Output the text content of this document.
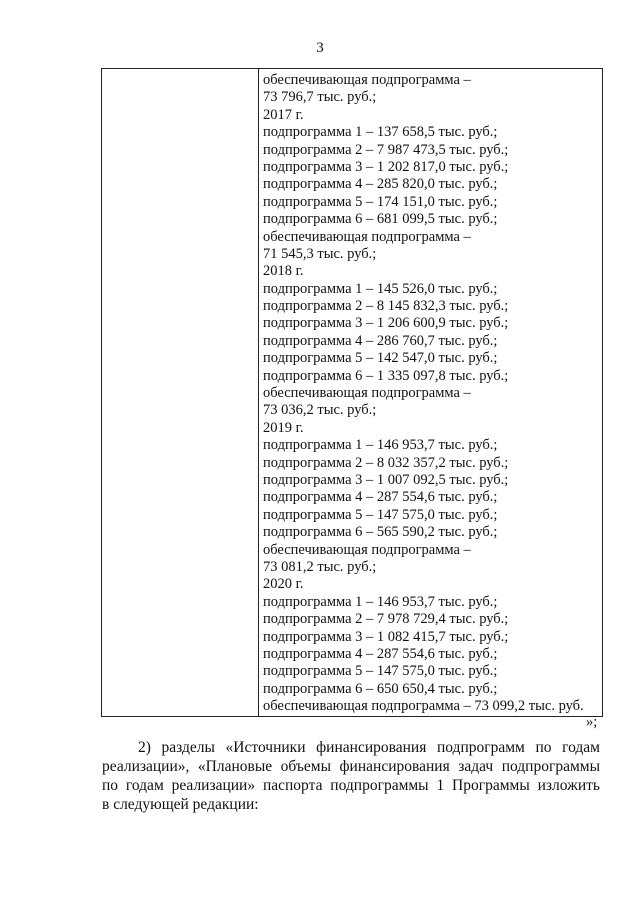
3
обеспечивающая подпрограмма –
73 796,7 тыс. руб.;
2017 г.
подпрограмма 1 – 137 658,5 тыс. руб.;
подпрограмма 2 – 7 987 473,5 тыс. руб.;
подпрограмма 3 – 1 202 817,0 тыс. руб.;
подпрограмма 4 – 285 820,0 тыс. руб.;
подпрограмма 5 – 174 151,0 тыс. руб.;
подпрограмма 6 – 681 099,5 тыс. руб.;
обеспечивающая подпрограмма –
71 545,3 тыс. руб.;
2018 г.
подпрограмма 1 – 145 526,0 тыс. руб.;
подпрограмма 2 – 8 145 832,3 тыс. руб.;
подпрограмма 3 – 1 206 600,9 тыс. руб.;
подпрограмма 4 – 286 760,7 тыс. руб.;
подпрограмма 5 – 142 547,0 тыс. руб.;
подпрограмма 6 – 1 335 097,8 тыс. руб.;
обеспечивающая подпрограмма –
73 036,2 тыс. руб.;
2019 г.
подпрограмма 1 – 146 953,7 тыс. руб.;
подпрограмма 2 – 8 032 357,2 тыс. руб.;
подпрограмма 3 – 1 007 092,5 тыс. руб.;
подпрограмма 4 – 287 554,6 тыс. руб.;
подпрограмма 5 – 147 575,0 тыс. руб.;
подпрограмма 6 – 565 590,2 тыс. руб.;
обеспечивающая подпрограмма –
73 081,2 тыс. руб.;
2020 г.
подпрограмма 1 – 146 953,7 тыс. руб.;
подпрограмма 2 – 7 978 729,4 тыс. руб.;
подпрограмма 3 – 1 082 415,7 тыс. руб.;
подпрограмма 4 – 287 554,6 тыс. руб.;
подпрограмма 5 – 147 575,0 тыс. руб.;
подпрограмма 6 – 650 650,4 тыс. руб.;
обеспечивающая подпрограмма – 73 099,2 тыс. руб.
»;
2) разделы «Источники финансирования подпрограмм по годам
реализации», «Плановые объемы финансирования задач подпрограммы
по годам реализации» паспорта подпрограммы 1 Программы изложить
в следующей редакции:
